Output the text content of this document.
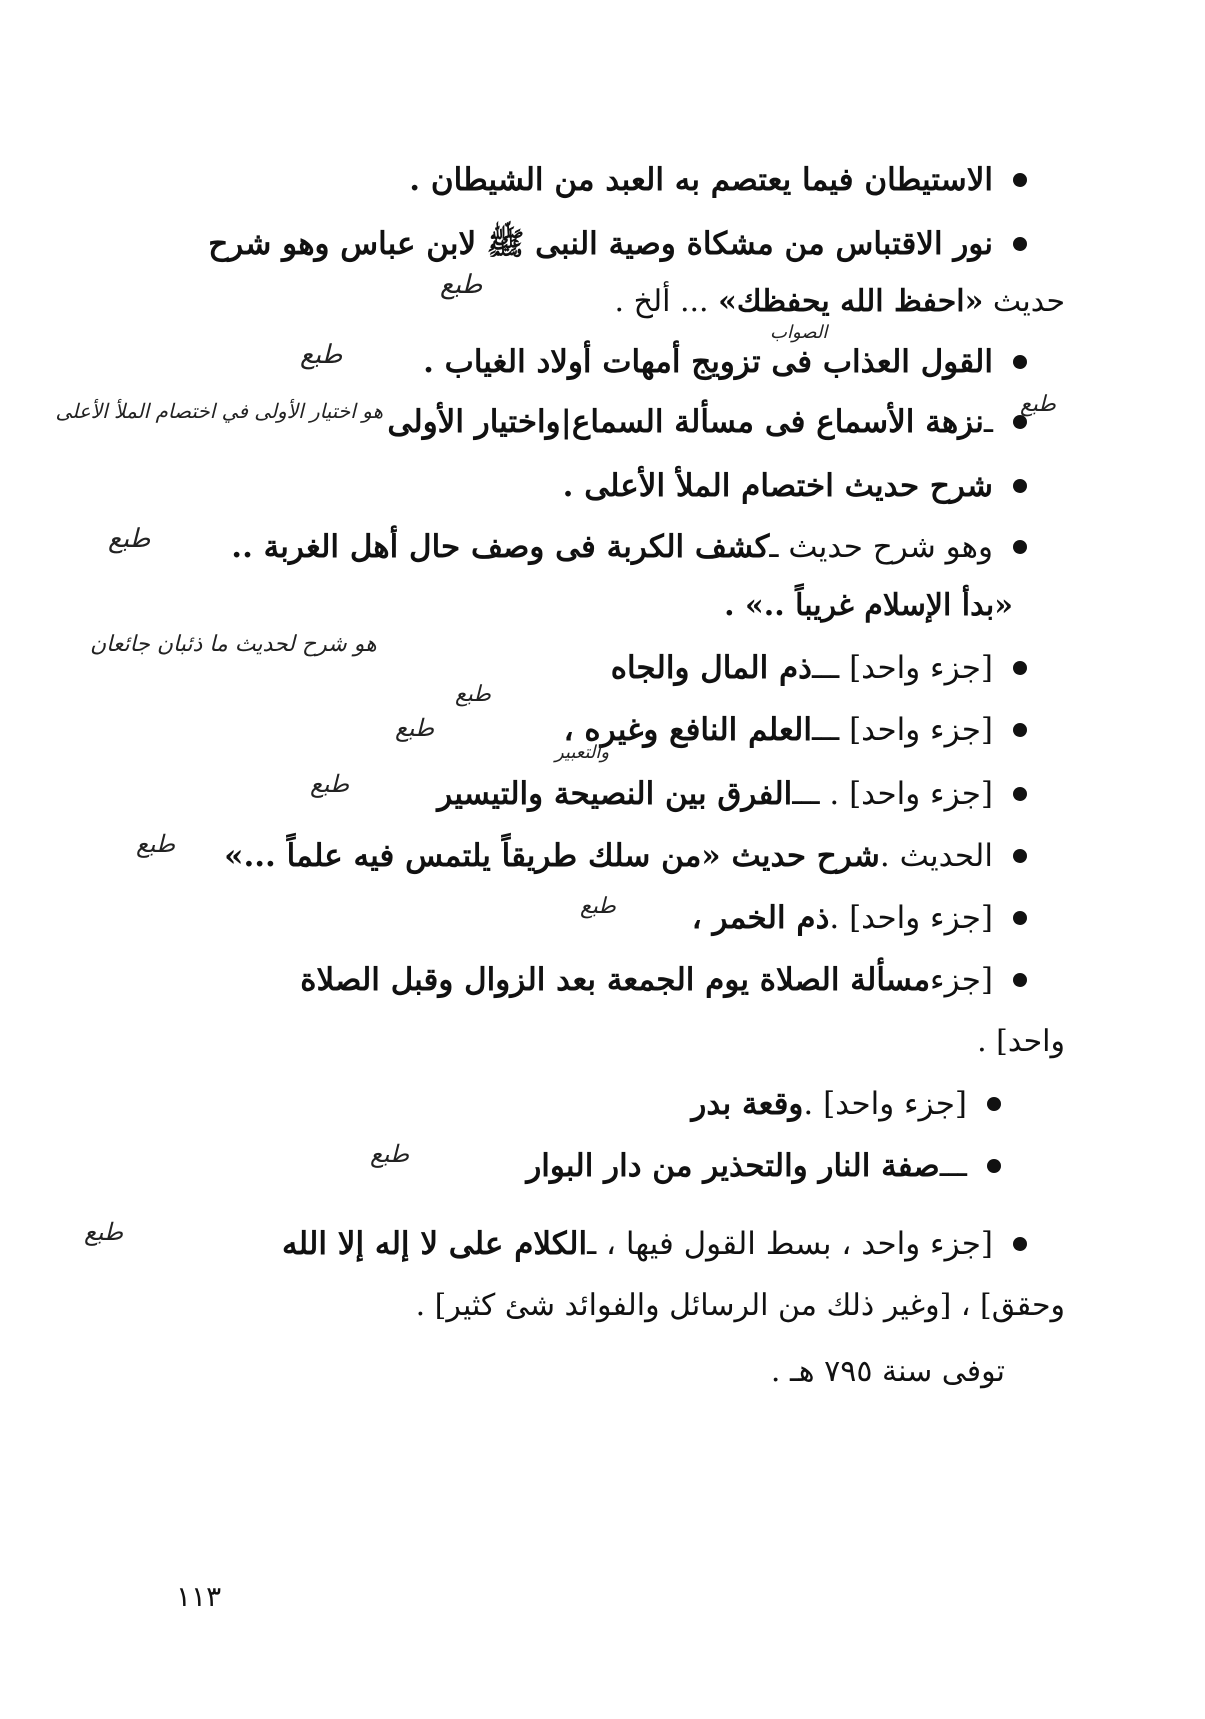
الاستيطان فيما يعتصم به العبد من الشيطان .
نور الاقتباس من مشكاة وصية النبى ﷺ لابن عباس وهو شرح
حديث «احفظ الله يحفظك» ... ألخ .
طبع
الصواب
القول العذاب فى تزويج أمهات أولاد الغياب .
طبع
ـ
نزهة الأسماع فى مسألة السماع|واختيار الأولى
هو اختيار الأولى في اختصام الملأ الأعلى	طبع
شرح حديث اختصام الملأ الأعلى .
وهو شرح حديث ـ
كشف الكربة فى وصف حال أهل الغربة ..
طبع
«بدأ الإسلام غريباً ..» .
[جزء واحد] ـــ
ذم المال والجاه
هو شرح لحديث ما ذئبان جائعان
طبع
[جزء واحد] ـــ
العلم النافع وغيره ،
طبع
والتعبير
[جزء واحد] . ـــ
الفرق بين النصيحة والتيسير
طبع
الحديث .
شرح حديث «من سلك طريقاً يلتمس فيه علماً ...»
طبع
[جزء واحد] .
ذم الخمر ،
طبع
[جزء
مسألة الصلاة يوم الجمعة بعد الزوال وقبل الصلاة
واحد] .
[جزء واحد] .
وقعة بدر
ـــ
صفة النار والتحذير من دار البوار
طبع
[جزء واحد ، بسط القول فيها ، ـ
الكلام على لا إله إلا الله
طبع
وحقق] ، [وغير ذلك من الرسائل والفوائد شئ كثير] .
توفى سنة ٧٩٥ هـ .
١١٣
